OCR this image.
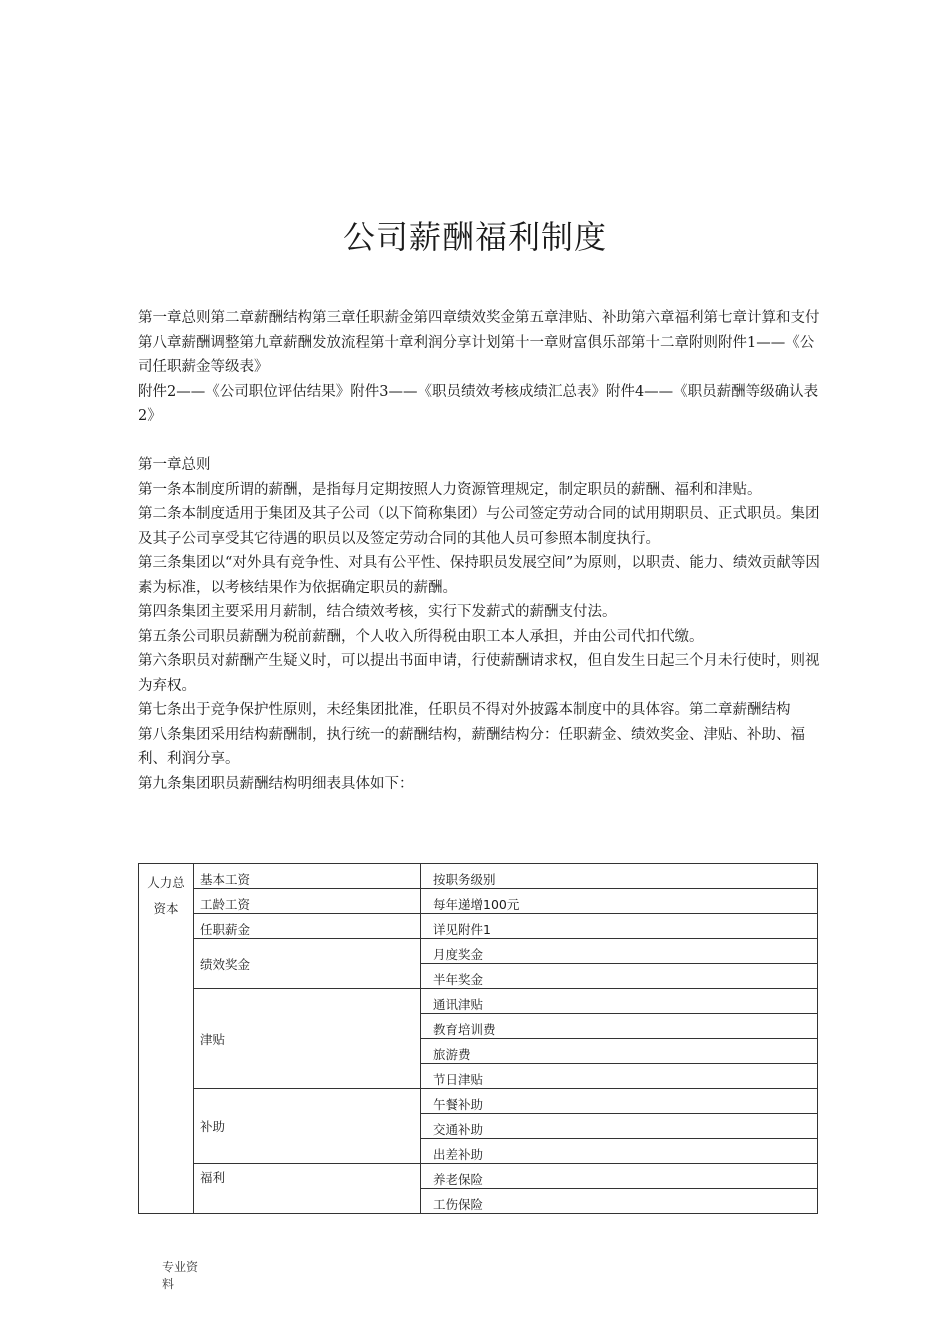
公司薪酬福利制度

第一章总则第二章薪酬结构第三章任职薪金第四章绩效奖金第五章津贴、补助第六章福利第七章计算和支付第八章薪酬调整第九章薪酬发放流程第十章利润分享计划第十一章财富俱乐部第十二章附则附件1——《公司任职薪金等级表》

附件2——《公司职位评估结果》附件3——《职员绩效考核成绩汇总表》附件4——《职员薪酬等级确认表2》

第一章总则

第一条本制度所谓的薪酬，是指每月定期按照人力资源管理规定，制定职员的薪酬、福利和津贴。

第二条本制度适用于集团及其子公司（以下简称集团）与公司签定劳动合同的试用期职员、正式职员。集团及其子公司享受其它待遇的职员以及签定劳动合同的其他人员可参照本制度执行。

第三条集团以“对外具有竞争性、对具有公平性、保持职员发展空间”为原则，以职责、能力、绩效贡献等因素为标准，以考核结果作为依据确定职员的薪酬。

第四条集团主要采用月薪制，结合绩效考核，实行下发薪式的薪酬支付法。

第五条公司职员薪酬为税前薪酬，个人收入所得税由职工本人承担，并由公司代扣代缴。

第六条职员对薪酬产生疑义时，可以提出书面申请，行使薪酬请求权，但自发生日起三个月未行使时，则视为弃权。

第七条出于竞争保护性原则，未经集团批准，任职员不得对外披露本制度中的具体容。第二章薪酬结构

第八条集团采用结构薪酬制，执行统一的薪酬结构，薪酬结构分：任职薪金、绩效奖金、津贴、补助、福利、利润分享。

第九条集团职员薪酬结构明细表具体如下：

人力总
资本	基本工资	按职务级别
	工龄工资	每年递增100元
	任职薪金	详见附件1
	绩效奖金	月度奖金
		半年奖金
	津贴	通讯津贴
		教育培训费
		旅游费
		节日津贴
	补助	午餐补助
		交通补助
		出差补助
	福利	养老保险
		工伤保险
专业资
料
